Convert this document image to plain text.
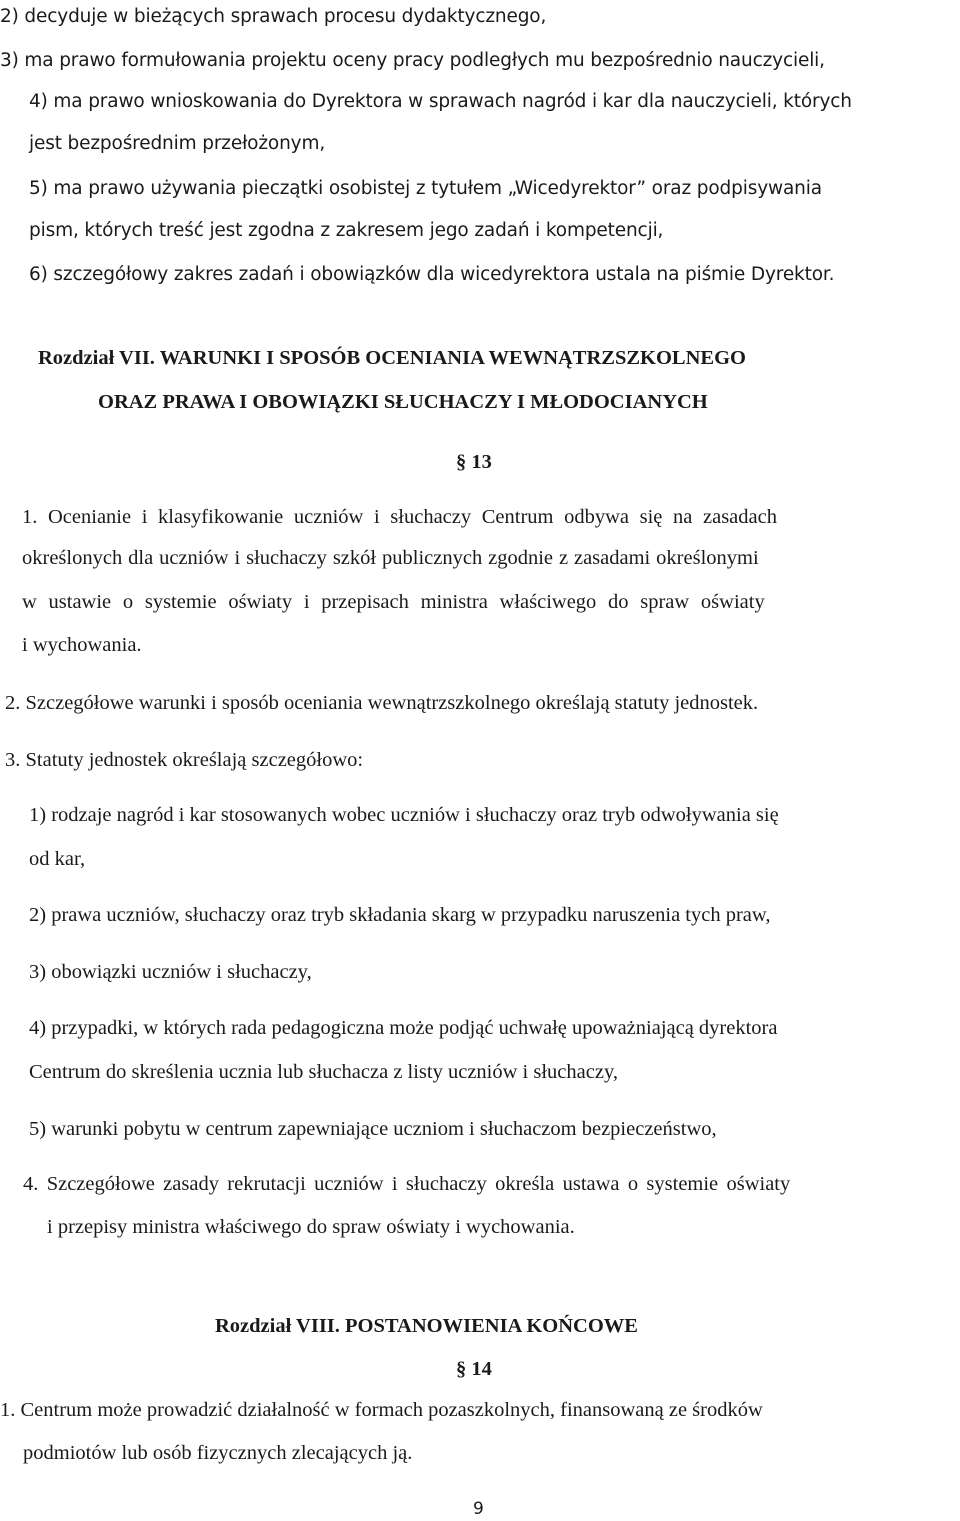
2) decyduje w bieżących sprawach procesu dydaktycznego,
3) ma prawo formułowania projektu oceny pracy podległych mu bezpośrednio nauczycieli,
4) ma prawo wnioskowania do Dyrektora w sprawach nagród i kar dla nauczycieli, których
jest bezpośrednim przełożonym,
5) ma prawo używania pieczątki osobistej z tytułem „Wicedyrektor” oraz podpisywania
pism, których treść jest zgodna z zakresem jego zadań i kompetencji,
6) szczegółowy zakres zadań i obowiązków dla wicedyrektora ustala na piśmie Dyrektor.
Rozdział VII. WARUNKI I SPOSÓB OCENIANIA WEWNĄTRZSZKOLNEGO
ORAZ PRAWA I OBOWIĄZKI SŁUCHACZY I MŁODOCIANYCH
§ 13
1. Ocenianie i klasyfikowanie uczniów i słuchaczy Centrum odbywa się na zasadach
określonych dla uczniów i słuchaczy szkół publicznych zgodnie z zasadami określonymi
w ustawie o systemie oświaty i przepisach ministra właściwego do spraw oświaty
i wychowania.
2. Szczegółowe warunki i sposób oceniania wewnątrzszkolnego określają statuty jednostek.
3. Statuty jednostek określają szczegółowo:
1) rodzaje nagród i kar stosowanych wobec uczniów i słuchaczy oraz tryb odwoływania się
od kar,
2) prawa uczniów, słuchaczy oraz tryb składania skarg w przypadku naruszenia tych praw,
3) obowiązki uczniów i słuchaczy,
4) przypadki, w których rada pedagogiczna może podjąć uchwałę upoważniającą dyrektora
Centrum do skreślenia ucznia lub słuchacza z listy uczniów i słuchaczy,
5) warunki pobytu w centrum zapewniające uczniom i słuchaczom bezpieczeństwo,
4. Szczegółowe zasady rekrutacji uczniów i słuchaczy określa ustawa o systemie oświaty
i przepisy ministra właściwego do spraw oświaty i wychowania.
Rozdział VIII. POSTANOWIENIA KOŃCOWE
§ 14
1. Centrum może prowadzić działalność w formach pozaszkolnych, finansowaną ze środków
podmiotów lub osób fizycznych zlecających ją.
9
